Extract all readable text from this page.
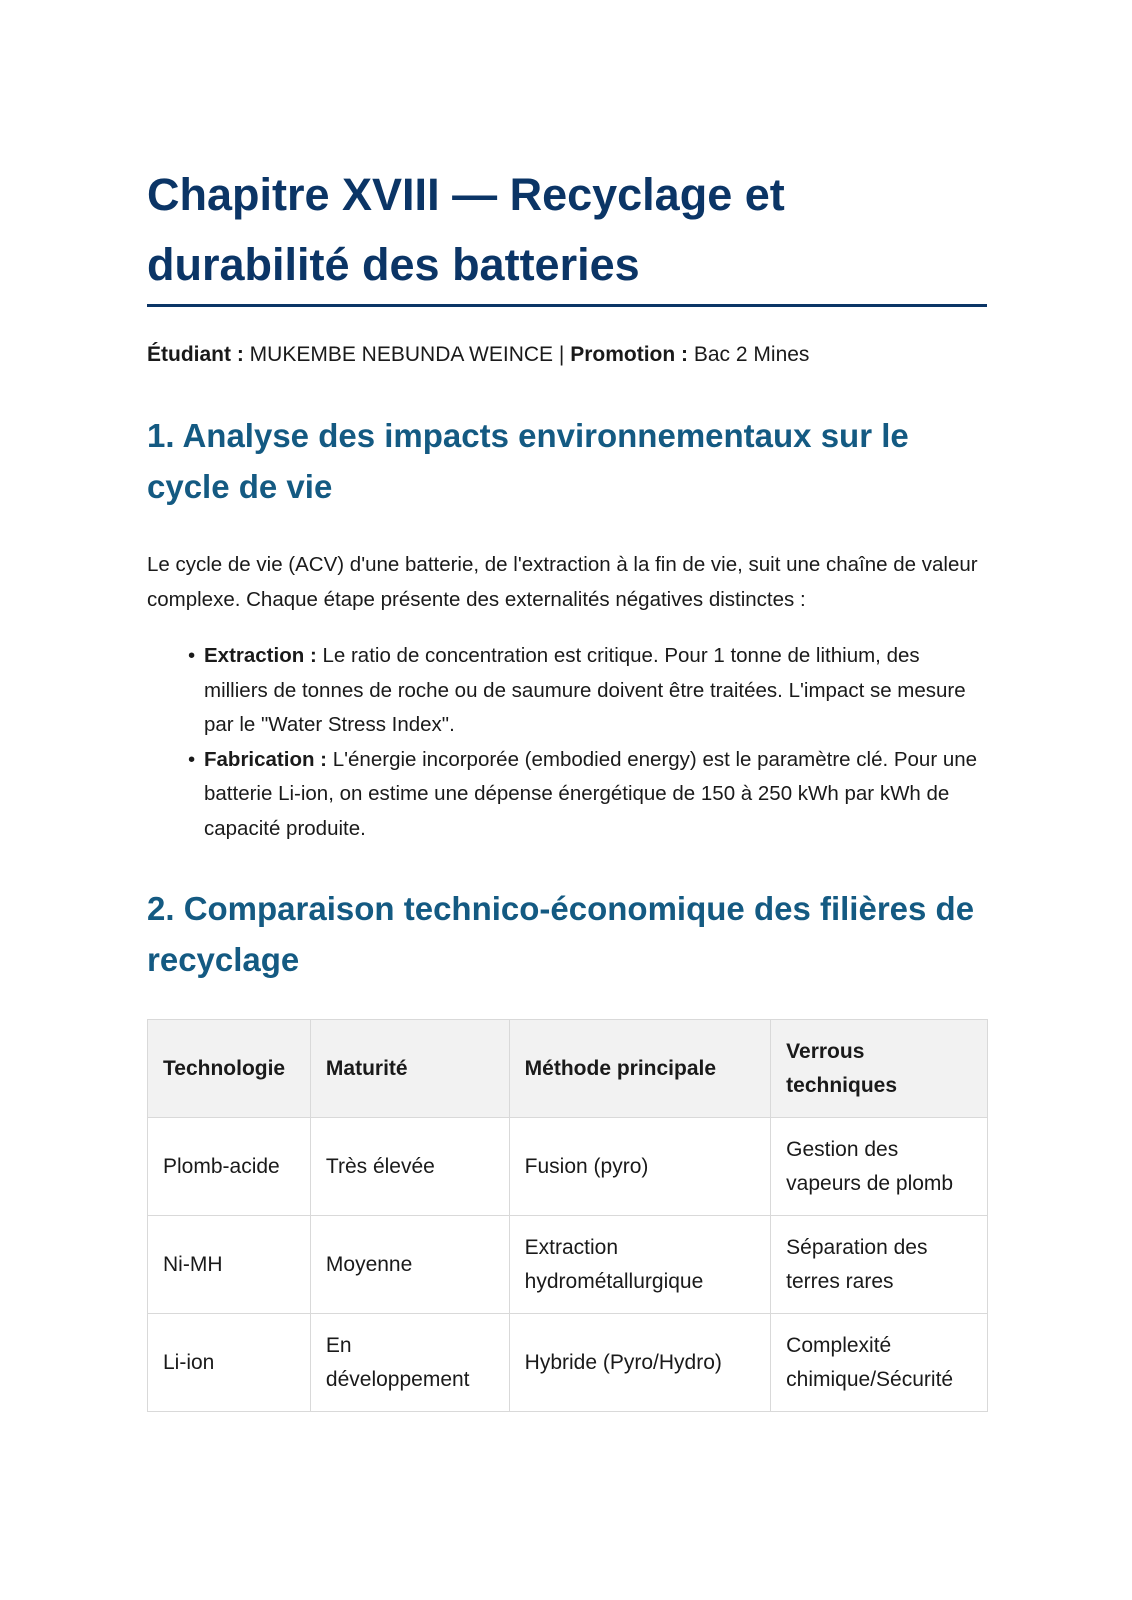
Chapitre XVIII — Recyclage et durabilité des batteries
Étudiant : MUKEMBE NEBUNDA WEINCE | Promotion : Bac 2 Mines
1. Analyse des impacts environnementaux sur le cycle de vie

Le cycle de vie (ACV) d'une batterie, de l'extraction à la fin de vie, suit une chaîne de valeur complexe. Chaque étape présente des externalités négatives distinctes :

• Extraction : Le ratio de concentration est critique. Pour 1 tonne de lithium, des milliers de tonnes de roche ou de saumure doivent être traitées. L'impact se mesure par le "Water Stress Index".
• Fabrication : L'énergie incorporée (embodied energy) est le paramètre clé. Pour une batterie Li-ion, on estime une dépense énergétique de 150 à 250 kWh par kWh de capacité produite.
2. Comparaison technico-économique des filières de recyclage
Technologie	Maturité	Méthode principale	Verrous techniques
Plomb-acide	Très élevée	Fusion (pyro)	Gestion des vapeurs de plomb
Ni-MH	Moyenne	Extraction hydrométallurgique	Séparation des terres rares
Li-ion	En développement	Hybride (Pyro/Hydro)	Complexité chimique/Sécurité
